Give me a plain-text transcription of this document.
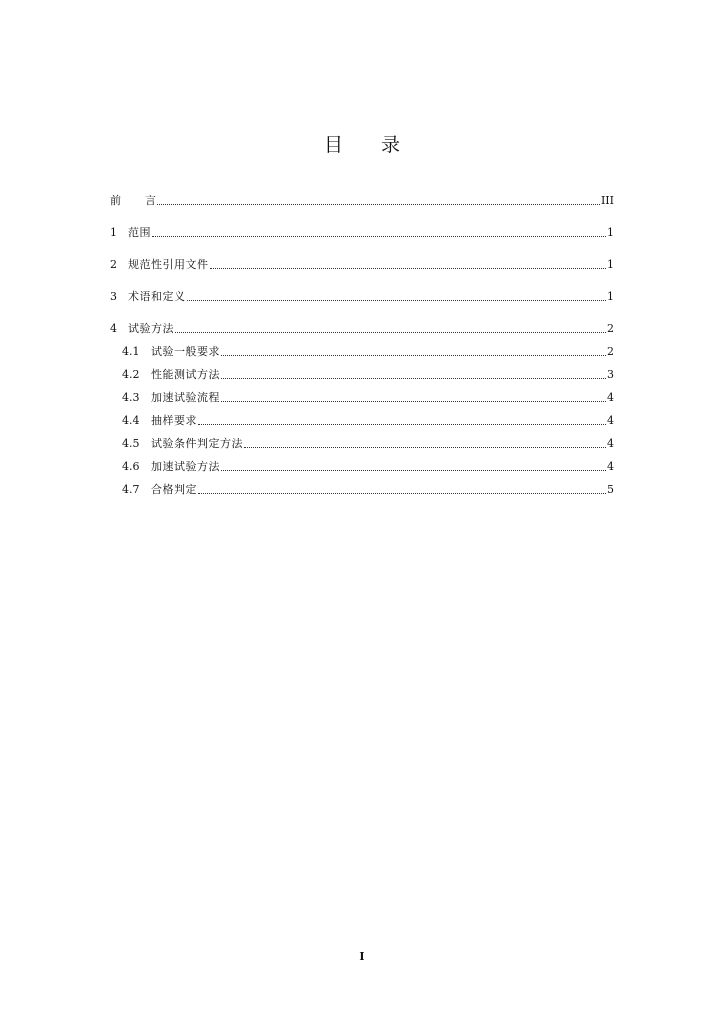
目 录
前 言	III
1	范围	1
2	规范性引用文件	1
3	术语和定义	1
4	试验方法	2
4.1	试验一般要求	2
4.2	性能测试方法	3
4.3	加速试验流程	4
4.4	抽样要求	4
4.5	试验条件判定方法	4
4.6	加速试验方法	4
4.7	合格判定	5
I
